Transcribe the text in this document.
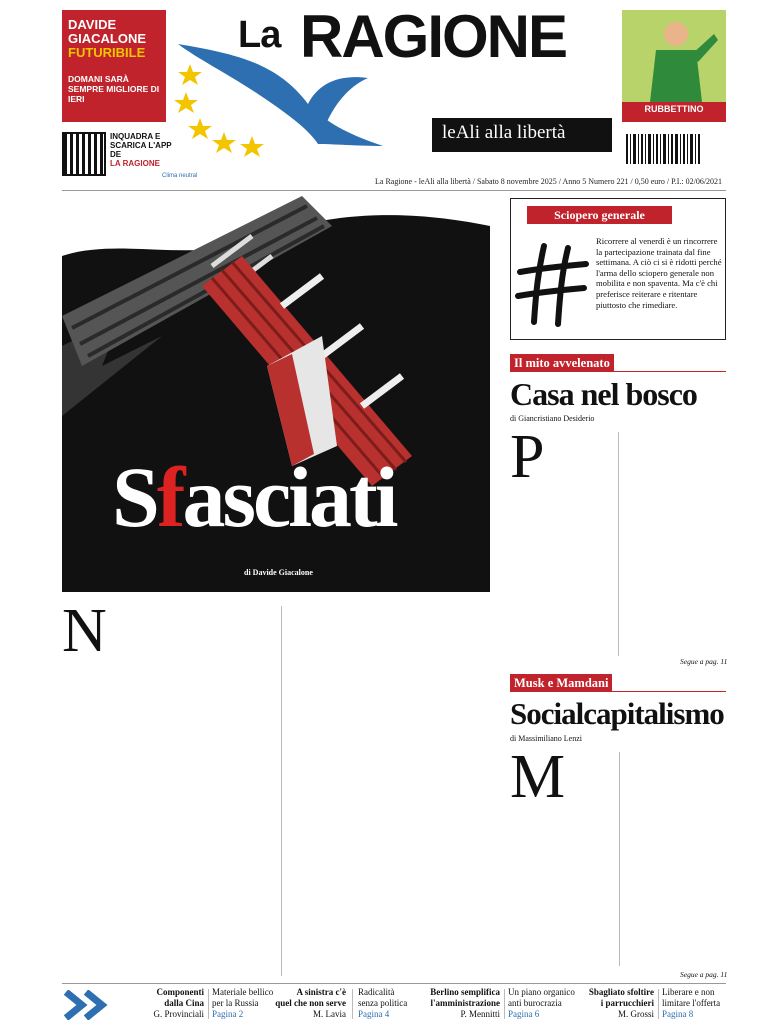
DAVIDE GIACALONE
FUTURIBILE
DOMANI SARÀ SEMPRE MIGLIORE DI IERI
La RAGIONE
leAli alla libertà
RUBBETTINO
INQUADRA E SCARICA L'APP DE
LA RAGIONE
Clima neutral
La Ragione - leAli alla libertà / Sabato 8 novembre 2025 / Anno 5 Numero 221 / 0,50 euro / P.I.: 02/06/2021
Sfasciati
di Davide Giacalone
N
Sciopero generale
Ricorrere al venerdì è un rincorrere la partecipazione trainata dal fine settimana. A ciò ci si è ridotti perché l'arma dello sciopero generale non mobilita e non spaventa. Ma c'è chi preferisce reiterare e ritentare piuttosto che rimediare.
Il mito avvelenato
Casa nel bosco
di Giancristiano Desiderio
P
Segue a pag. 11
Musk e Mamdani
Socialcapitalismo
di Massimiliano Lenzi
M
Segue a pag. 11
Componenti
dalla Cina
G. Provinciali
Materiale bellico
per la Russia
Pagina 2
A sinistra c'è
quel che non serve
M. Lavia
Radicalità
senza politica
Pagina 4
Berlino semplifica
l'amministrazione
P. Mennitti
Un piano organico
anti burocrazia
Pagina 6
Sbagliato sfoltire
i parrucchieri
M. Grossi
Liberare e non
limitare l'offerta
Pagina 8
